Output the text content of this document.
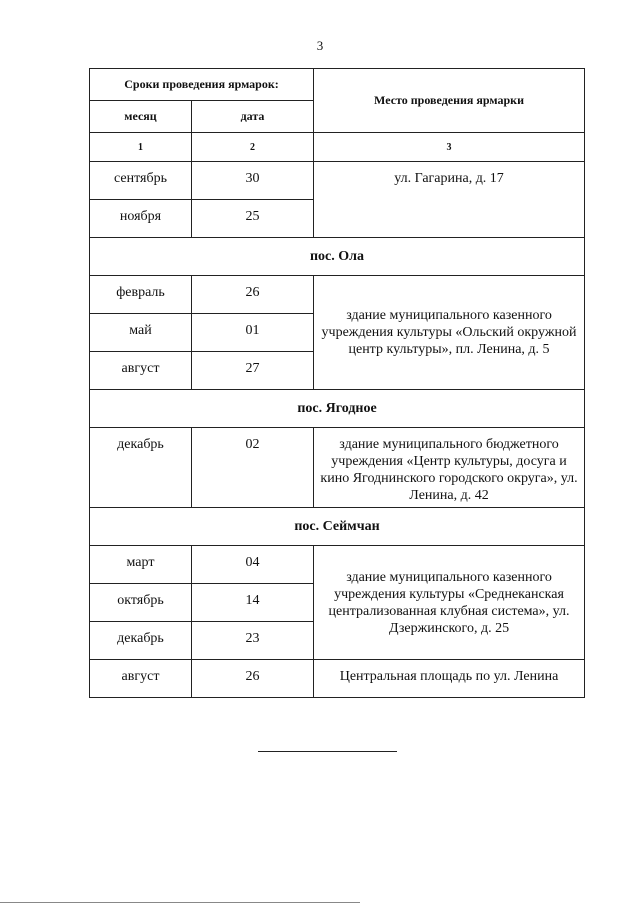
3
Сроки проведения ярмарок:		Место проведения ярмарки
месяц	дата	
1	2	3
сентябрь	30	ул. Гагарина, д. 17
ноября	25	
пос. Ола		
февраль	26	здание муниципального казенного учреждения культуры «Ольский окружной центр культуры», пл. Ленина, д. 5
май	01	
август	27	
пос. Ягодное		
декабрь	02	здание муниципального бюджетного учреждения «Центр культуры, досуга и кино Ягоднинского городского округа», ул. Ленина, д. 42
пос. Сеймчан		
март	04	здание муниципального казенного учреждения культуры «Среднеканская централизованная клубная система», ул. Дзержинского, д. 25
октябрь	14	
декабрь	23	
август	26	Центральная площадь по ул. Ленина
